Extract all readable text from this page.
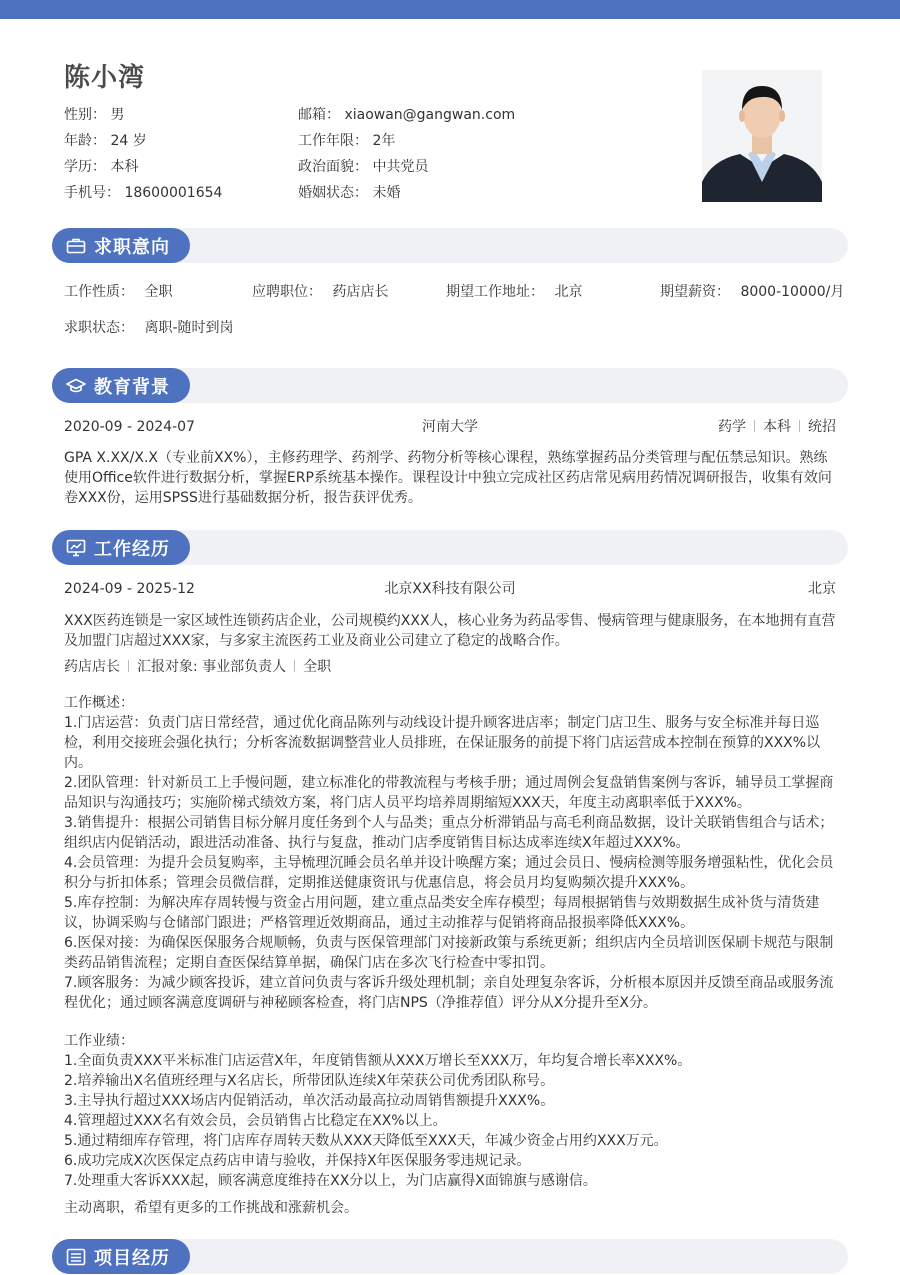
陈小湾
性别： 男
年龄： 24 岁
学历： 本科
手机号： 18600001654
邮箱： xiaowan@gangwan.com
工作年限： 2年
政治面貌： 中共党员
婚姻状态： 未婚
求职意向
工作性质： 全职	应聘职位： 药店店长	期望工作地址： 北京	期望薪资： 8000-10000/月
求职状态： 离职-随时到岗
教育背景
2020-09 - 2024-07	河南大学	药学 本科 统招
GPA X.XX/X.X（专业前XX%），主修药理学、药剂学、药物分析等核心课程，熟练掌握药品分类管理与配伍禁忌知识。熟练使用Office软件进行数据分析，掌握ERP系统基本操作。课程设计中独立完成社区药店常见病用药情况调研报告，收集有效问卷XXX份，运用SPSS进行基础数据分析，报告获评优秀。
工作经历
2024-09 - 2025-12	北京XX科技有限公司	北京
XXX医药连锁是一家区域性连锁药店企业，公司规模约XXX人，核心业务为药品零售、慢病管理与健康服务，在本地拥有直营及加盟门店超过XXX家，与多家主流医药工业及商业公司建立了稳定的战略合作。
药店店长 汇报对象: 事业部负责人 全职
工作概述：
1.门店运营：负责门店日常经营，通过优化商品陈列与动线设计提升顾客进店率；制定门店卫生、服务与安全标准并每日巡检，利用交接班会强化执行；分析客流数据调整营业人员排班，在保证服务的前提下将门店运营成本控制在预算的XXX%以内。
2.团队管理：针对新员工上手慢问题，建立标准化的带教流程与考核手册；通过周例会复盘销售案例与客诉，辅导员工掌握商品知识与沟通技巧；实施阶梯式绩效方案，将门店人员平均培养周期缩短XXX天，年度主动离职率低于XXX%。
3.销售提升：根据公司销售目标分解月度任务到个人与品类；重点分析滞销品与高毛利商品数据，设计关联销售组合与话术；组织店内促销活动，跟进活动准备、执行与复盘，推动门店季度销售目标达成率连续X年超过XXX%。
4.会员管理：为提升会员复购率，主导梳理沉睡会员名单并设计唤醒方案；通过会员日、慢病检测等服务增强粘性，优化会员积分与折扣体系；管理会员微信群，定期推送健康资讯与优惠信息，将会员月均复购频次提升XXX%。
5.库存控制：为解决库存周转慢与资金占用问题，建立重点品类安全库存模型；每周根据销售与效期数据生成补货与清货建议，协调采购与仓储部门跟进；严格管理近效期商品，通过主动推荐与促销将商品报损率降低XXX%。
6.医保对接：为确保医保服务合规顺畅，负责与医保管理部门对接新政策与系统更新；组织店内全员培训医保刷卡规范与限制类药品销售流程；定期自查医保结算单据，确保门店在多次飞行检查中零扣罚。
7.顾客服务：为减少顾客投诉，建立首问负责与客诉升级处理机制；亲自处理复杂客诉，分析根本原因并反馈至商品或服务流程优化；通过顾客满意度调研与神秘顾客检查，将门店NPS（净推荐值）评分从X分提升至X分。
工作业绩：
1.全面负责XXX平米标准门店运营X年，年度销售额从XXX万增长至XXX万，年均复合增长率XXX%。
2.培养输出X名值班经理与X名店长，所带团队连续X年荣获公司优秀团队称号。
3.主导执行超过XXX场店内促销活动，单次活动最高拉动周销售额提升XXX%。
4.管理超过XXX名有效会员，会员销售占比稳定在XX%以上。
5.通过精细库存管理，将门店库存周转天数从XXX天降低至XXX天，年减少资金占用约XXX万元。
6.成功完成X次医保定点药店申请与验收，并保持X年医保服务零违规记录。
7.处理重大客诉XXX起，顾客满意度维持在XX分以上，为门店赢得X面锦旗与感谢信。
主动离职，希望有更多的工作挑战和涨薪机会。
项目经历
